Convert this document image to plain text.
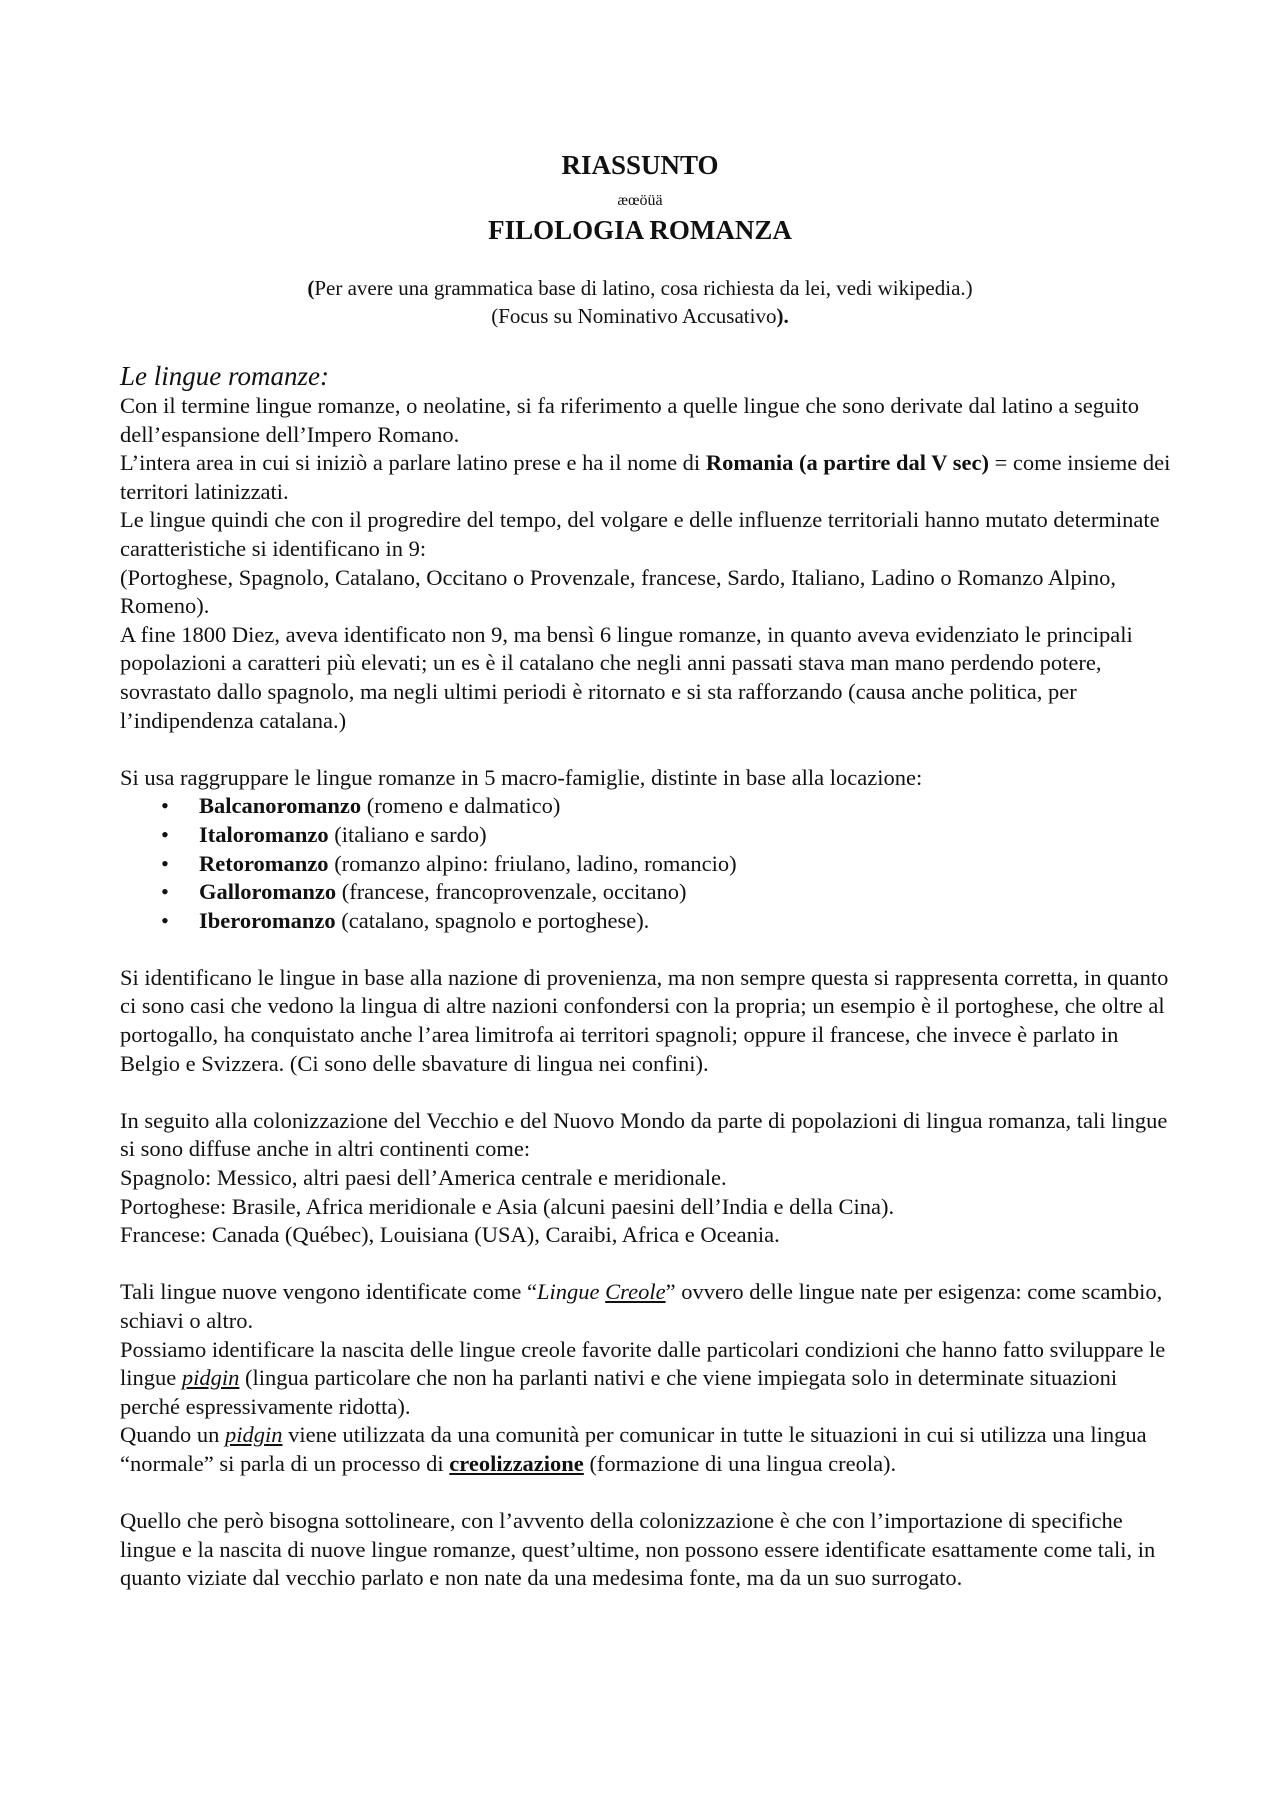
RIASSUNTO
æœöüä
FILOLOGIA ROMANZA
(Per avere una grammatica base di latino, cosa richiesta da lei, vedi wikipedia.)
(Focus su Nominativo Accusativo).

Le lingue romanze:

Con il termine lingue romanze, o neolatine, si fa riferimento a quelle lingue che sono derivate dal latino a seguito dell’espansione dell’Impero Romano.

L’intera area in cui si iniziò a parlare latino prese e ha il nome di Romania (a partire dal V sec) = come insieme dei territori latinizzati.

Le lingue quindi che con il progredire del tempo, del volgare e delle influenze territoriali hanno mutato determinate caratteristiche si identificano in 9:

(Portoghese, Spagnolo, Catalano, Occitano o Provenzale, francese, Sardo, Italiano, Ladino o Romanzo Alpino, Romeno).

A fine 1800 Diez, aveva identificato non 9, ma bensì 6 lingue romanze, in quanto aveva evidenziato le principali popolazioni a caratteri più elevati; un es è il catalano che negli anni passati stava man mano perdendo potere, sovrastato dallo spagnolo, ma negli ultimi periodi è ritornato e si sta rafforzando (causa anche politica, per l’indipendenza catalana.)

Si usa raggruppare le lingue romanze in 5 macro-famiglie, distinte in base alla locazione:

• Balcanoromanzo (romeno e dalmatico)
• Italoromanzo (italiano e sardo)
• Retoromanzo (romanzo alpino: friulano, ladino, romancio)
• Galloromanzo (francese, francoprovenzale, occitano)
• Iberoromanzo (catalano, spagnolo e portoghese).

Si identificano le lingue in base alla nazione di provenienza, ma non sempre questa si rappresenta corretta, in quanto ci sono casi che vedono la lingua di altre nazioni confondersi con la propria; un esempio è il portoghese, che oltre al portogallo, ha conquistato anche l’area limitrofa ai territori spagnoli; oppure il francese, che invece è parlato in Belgio e Svizzera. (Ci sono delle sbavature di lingua nei confini).

In seguito alla colonizzazione del Vecchio e del Nuovo Mondo da parte di popolazioni di lingua romanza, tali lingue si sono diffuse anche in altri continenti come:

Spagnolo: Messico, altri paesi dell’America centrale e meridionale.

Portoghese: Brasile, Africa meridionale e Asia (alcuni paesini dell’India e della Cina).

Francese: Canada (Québec), Louisiana (USA), Caraibi, Africa e Oceania.

Tali lingue nuove vengono identificate come “Lingue Creole” ovvero delle lingue nate per esigenza: come scambio, schiavi o altro.

Possiamo identificare la nascita delle lingue creole favorite dalle particolari condizioni che hanno fatto sviluppare le lingue pidgin (lingua particolare che non ha parlanti nativi e che viene impiegata solo in determinate situazioni perché espressivamente ridotta).

Quando un pidgin viene utilizzata da una comunità per comunicar in tutte le situazioni in cui si utilizza una lingua “normale” si parla di un processo di creolizzazione (formazione di una lingua creola).

Quello che però bisogna sottolineare, con l’avvento della colonizzazione è che con l’importazione di specifiche lingue e la nascita di nuove lingue romanze, quest’ultime, non possono essere identificate esattamente come tali, in quanto viziate dal vecchio parlato e non nate da una medesima fonte, ma da un suo surrogato.
